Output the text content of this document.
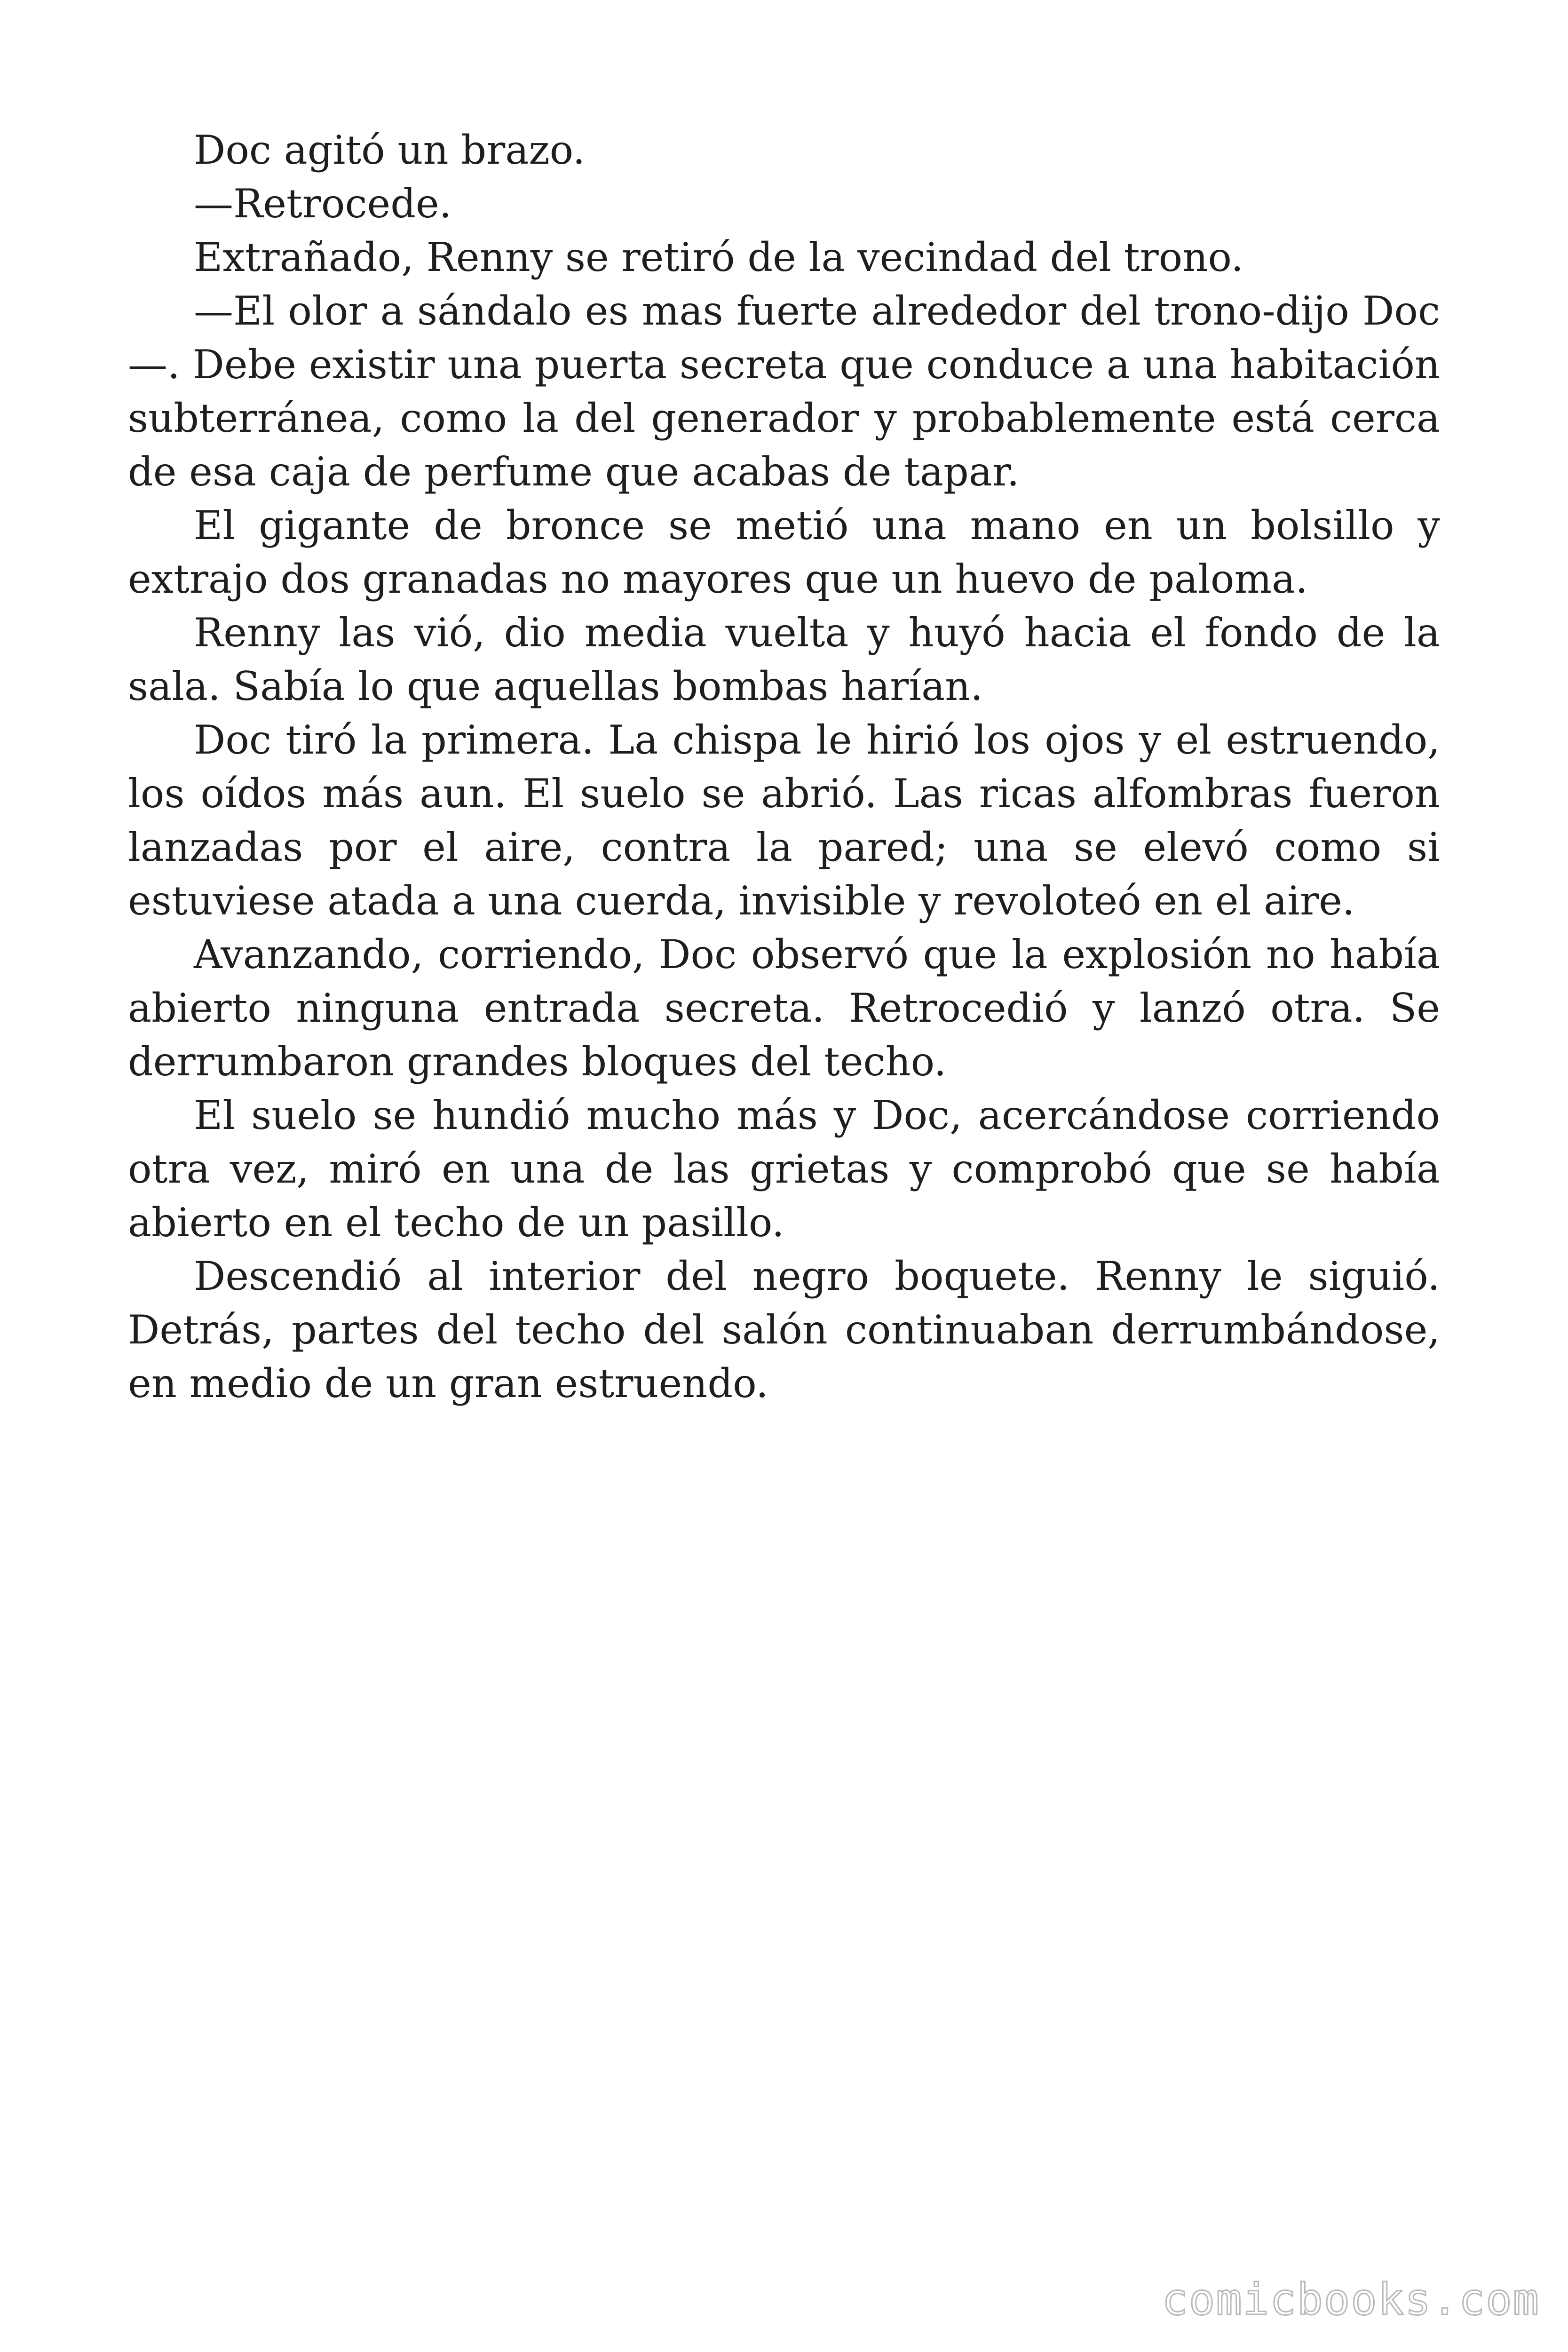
Doc agitó un brazo.

—Retrocede.

Extrañado, Renny se retiró de la vecindad del trono.

—El olor a sándalo es mas fuerte alrededor del trono-dijo Doc —. Debe existir una puerta secreta que conduce a una habitación subterránea, como la del generador y probablemente está cerca de esa caja de perfume que acabas de tapar.

El gigante de bronce se metió una mano en un bolsillo y extrajo dos granadas no mayores que un huevo de paloma.

Renny las vió, dio media vuelta y huyó hacia el fondo de la sala. Sabía lo que aquellas bombas harían.

Doc tiró la primera. La chispa le hirió los ojos y el estruendo, los oídos más aun. El suelo se abrió. Las ricas alfombras fueron lanzadas por el aire, contra la pared; una se elevó como si estuviese atada a una cuerda, invisible y revoloteó en el aire.

Avanzando, corriendo, Doc observó que la explosión no había abierto ninguna entrada secreta. Retrocedió y lanzó otra. Se derrumbaron grandes bloques del techo.

El suelo se hundió mucho más y Doc, acercándose corriendo otra vez, miró en una de las grietas y comprobó que se había abierto en el techo de un pasillo.

Descendió al interior del negro boquete. Renny le siguió. Detrás, partes del techo del salón continuaban derrumbándose, en medio de un gran estruendo.

comicbooks.com
